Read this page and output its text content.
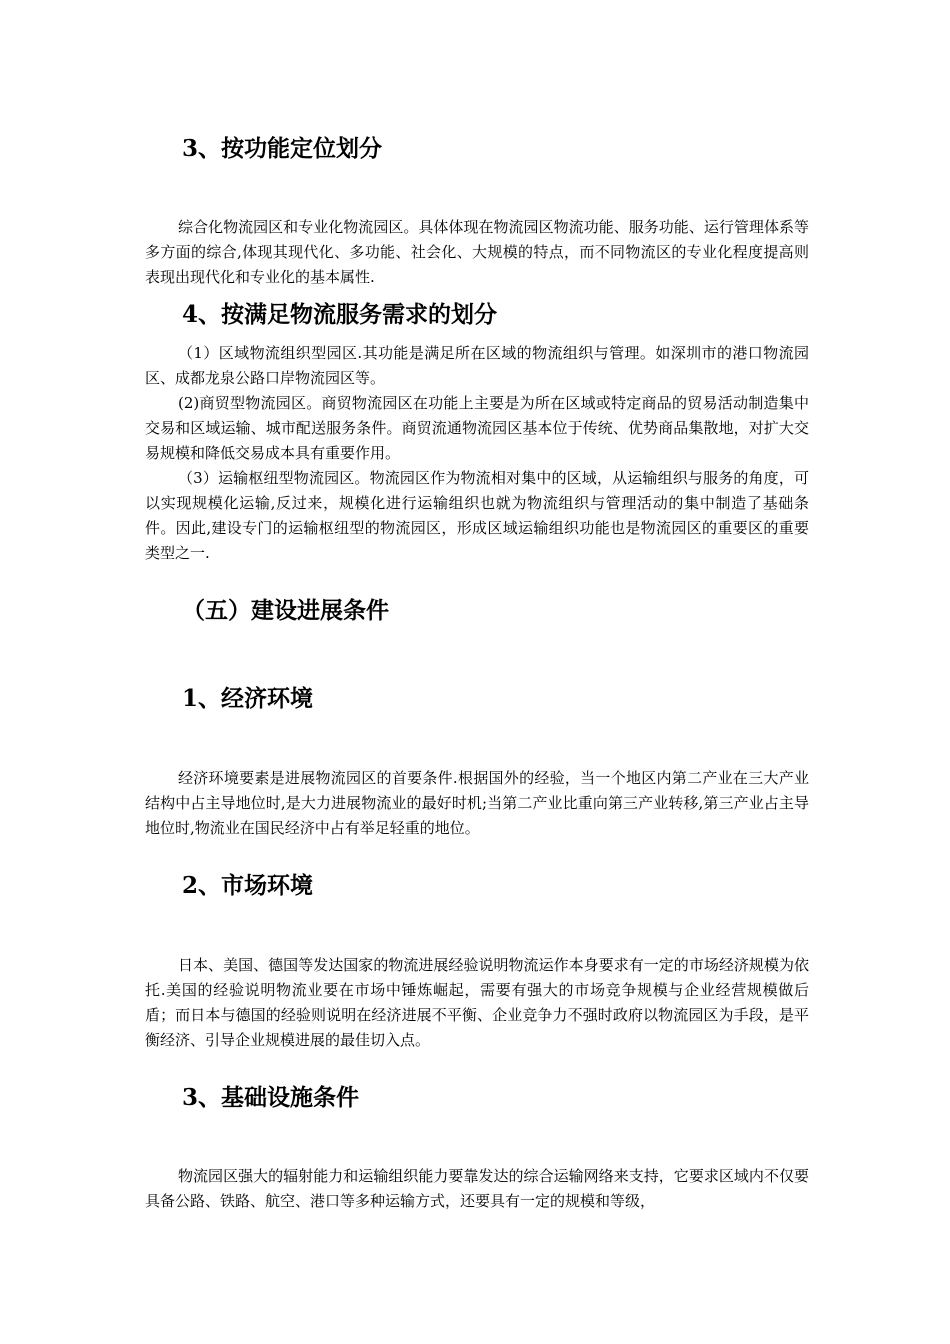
3、按功能定位划分

综合化物流园区和专业化物流园区。具体体现在物流园区物流功能、服务功能、运行管理体系等多方面的综合,体现其现代化、多功能、社会化、大规模的特点，而不同物流区的专业化程度提高则表现出现代化和专业化的基本属性.

4、按满足物流服务需求的划分

（1）区域物流组织型园区.其功能是满足所在区域的物流组织与管理。如深圳市的港口物流园区、成都龙泉公路口岸物流园区等。

(2)商贸型物流园区。商贸物流园区在功能上主要是为所在区域或特定商品的贸易活动制造集中交易和区域运输、城市配送服务条件。商贸流通物流园区基本位于传统、优势商品集散地，对扩大交易规模和降低交易成本具有重要作用。

（3）运输枢纽型物流园区。物流园区作为物流相对集中的区域，从运输组织与服务的角度，可以实现规模化运输,反过来，规模化进行运输组织也就为物流组织与管理活动的集中制造了基础条件。因此,建设专门的运输枢纽型的物流园区，形成区域运输组织功能也是物流园区的重要区的重要类型之一.

（五）建设进展条件
1、经济环境

经济环境要素是进展物流园区的首要条件.根据国外的经验，当一个地区内第二产业在三大产业结构中占主导地位时,是大力进展物流业的最好时机;当第二产业比重向第三产业转移,第三产业占主导地位时,物流业在国民经济中占有举足轻重的地位。

2、市场环境

日本、美国、德国等发达国家的物流进展经验说明物流运作本身要求有一定的市场经济规模为依托.美国的经验说明物流业要在市场中锤炼崛起，需要有强大的市场竞争规模与企业经营规模做后盾；而日本与德国的经验则说明在经济进展不平衡、企业竞争力不强时政府以物流园区为手段，是平衡经济、引导企业规模进展的最佳切入点。

3、基础设施条件

物流园区强大的辐射能力和运输组织能力要靠发达的综合运输网络来支持，它要求区域内不仅要具备公路、铁路、航空、港口等多种运输方式，还要具有一定的规模和等级，
